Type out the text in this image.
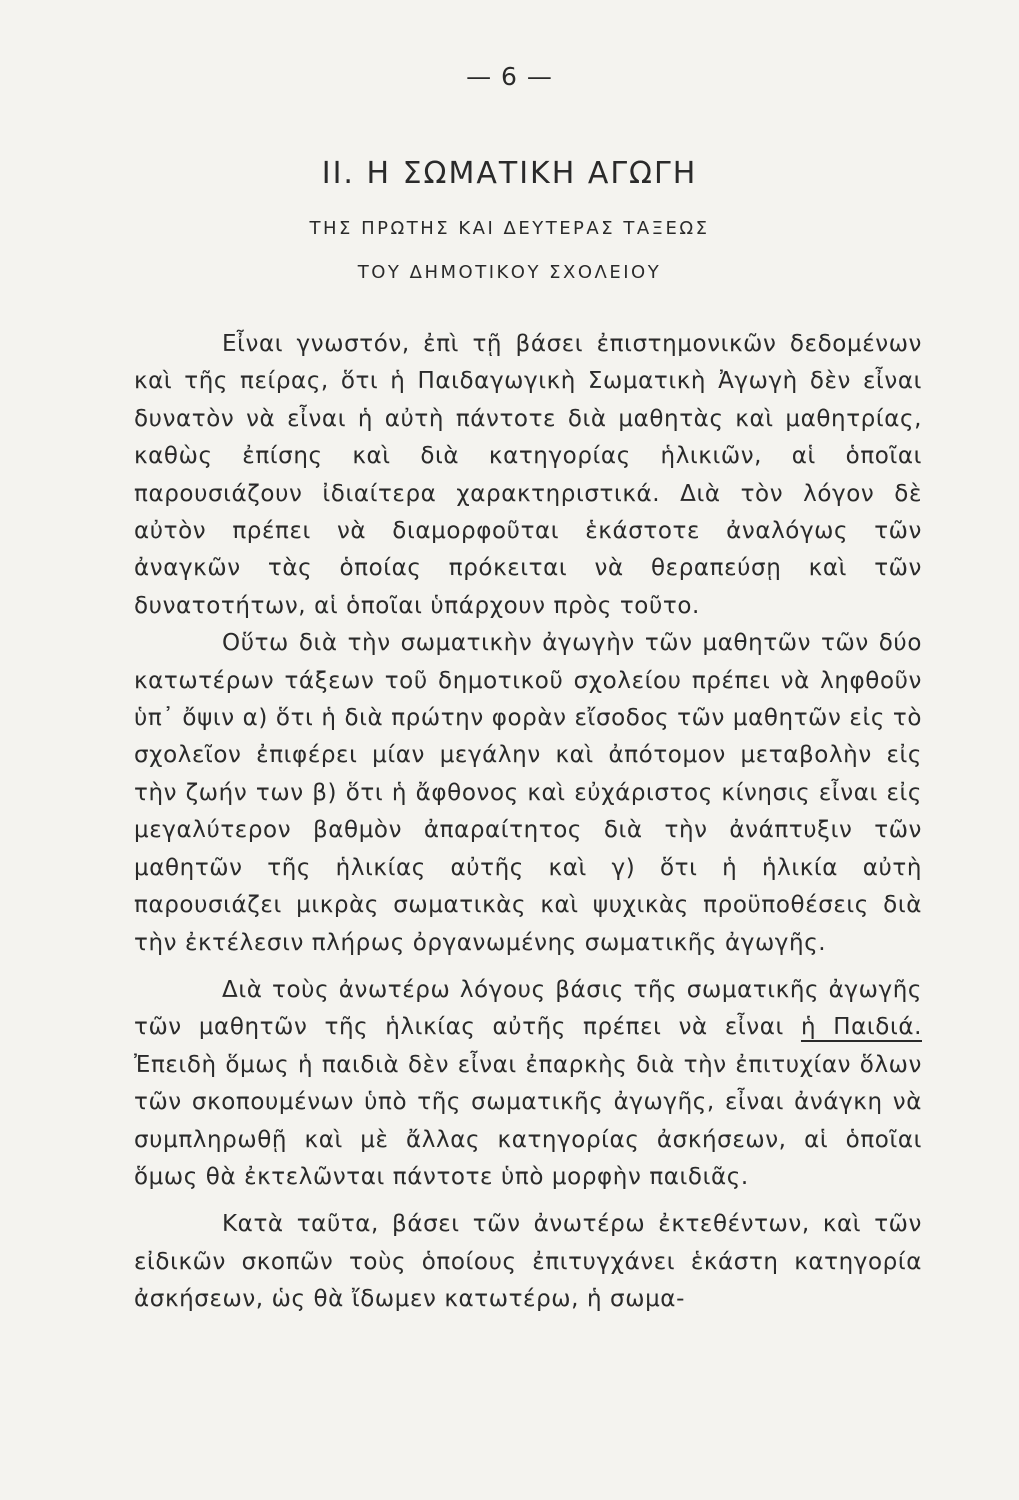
— 6 —
II. Η ΣΩΜΑΤΙΚΗ ΑΓΩΓΗ
ΤΗΣ ΠΡΩΤΗΣ ΚΑΙ ΔΕΥΤΕΡΑΣ ΤΑΞΕΩΣ
ΤΟΥ ΔΗΜΟΤΙΚΟΥ ΣΧΟΛΕΙΟΥ

Εἶναι γνωστόν, ἐπὶ τῇ βάσει ἐπιστημονικῶν δεδομένων καὶ τῆς πείρας, ὅτι ἡ Παιδαγωγικὴ Σωματικὴ Ἀγωγὴ δὲν εἶναι δυνατὸν νὰ εἶναι ἡ αὐτὴ πάντοτε διὰ μαθητὰς καὶ μαθητρίας, καθὼς ἐπίσης καὶ διὰ κατηγορίας ἡλικιῶν, αἱ ὁποῖαι παρουσιάζουν ἰδιαίτερα χαρακτηριστικά. Διὰ τὸν λόγον δὲ αὐτὸν πρέπει νὰ διαμορφοῦται ἑκάστοτε ἀναλόγως τῶν ἀναγκῶν τὰς ὁποίας πρόκειται νὰ θεραπεύσῃ καὶ τῶν δυνατοτήτων, αἱ ὁποῖαι ὑπάρχουν πρὸς τοῦτο.

Οὕτω διὰ τὴν σωματικὴν ἀγωγὴν τῶν μαθητῶν τῶν δύο κατωτέρων τάξεων τοῦ δημοτικοῦ σχολείου πρέπει νὰ ληφθοῦν ὑπ᾽ ὄψιν α) ὅτι ἡ διὰ πρώτην φορὰν εἴσοδος τῶν μαθητῶν εἰς τὸ σχολεῖον ἐπιφέρει μίαν μεγάλην καὶ ἀπότομον μεταβολὴν εἰς τὴν ζωήν των β) ὅτι ἡ ἄφθονος καὶ εὐχάριστος κίνησις εἶναι εἰς μεγαλύτερον βαθμὸν ἀπαραίτητος διὰ τὴν ἀνάπτυξιν τῶν μαθητῶν τῆς ἡλικίας αὐτῆς καὶ γ) ὅτι ἡ ἡλικία αὐτὴ παρουσιάζει μικρὰς σωματικὰς καὶ ψυχικὰς προϋποθέσεις διὰ τὴν ἐκτέλεσιν πλήρως ὀργανωμένης σωματικῆς ἀγωγῆς.

Διὰ τοὺς ἀνωτέρω λόγους βάσις τῆς σωματικῆς ἀγωγῆς τῶν μαθητῶν τῆς ἡλικίας αὐτῆς πρέπει νὰ εἶναι ἡ Παιδιά. Ἐπειδὴ ὅμως ἡ παιδιὰ δὲν εἶναι ἐπαρκὴς διὰ τὴν ἐπιτυχίαν ὅλων τῶν σκοπουμένων ὑπὸ τῆς σωματικῆς ἀγωγῆς, εἶναι ἀνάγκη νὰ συμπληρωθῇ καὶ μὲ ἄλλας κατηγορίας ἀσκήσεων, αἱ ὁποῖαι ὅμως θὰ ἐκτελῶνται πάντοτε ὑπὸ μορφὴν παιδιᾶς.

Κατὰ ταῦτα, βάσει τῶν ἀνωτέρω ἐκτεθέντων, καὶ τῶν εἰδικῶν σκοπῶν τοὺς ὁποίους ἐπιτυγχάνει ἑκάστη κατηγορία ἀσκήσεων, ὡς θὰ ἴδωμεν κατωτέρω, ἡ σωμα-
